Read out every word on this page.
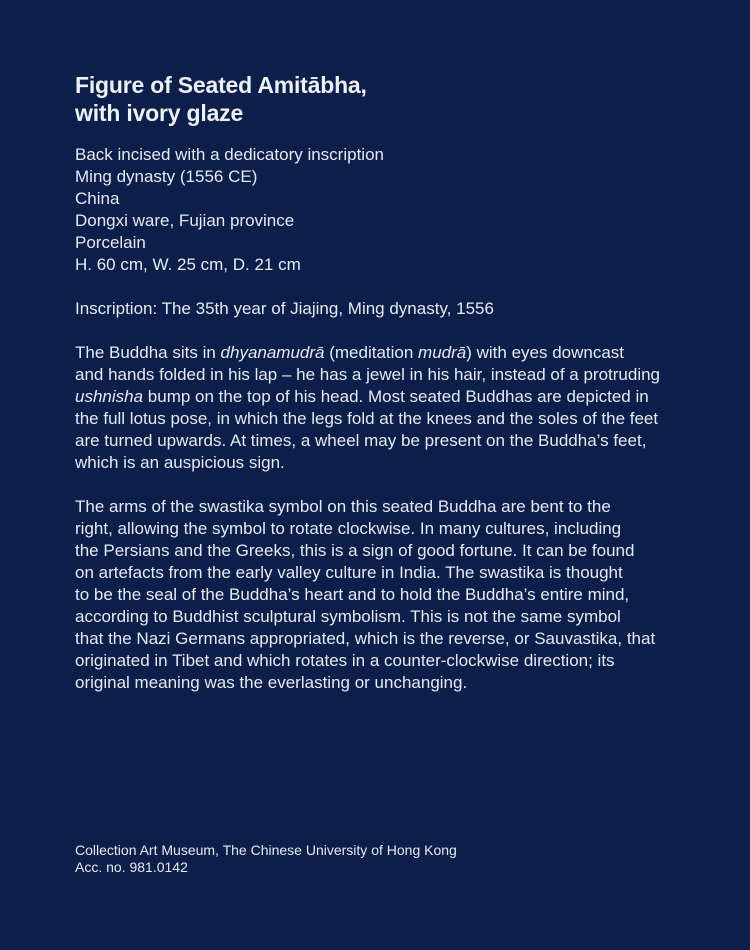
Figure of Seated Amitābha,
with ivory glaze
Back incised with a dedicatory inscription
Ming dynasty (1556 CE)
China
Dongxi ware, Fujian province
Porcelain
H. 60 cm, W. 25 cm, D. 21 cm
Inscription: The 35th year of Jiajing, Ming dynasty, 1556
The Buddha sits in dhyanamudrā (meditation mudrā) with eyes downcast
and hands folded in his lap – he has a jewel in his hair, instead of a protruding
ushnisha bump on the top of his head. Most seated Buddhas are depicted in
the full lotus pose, in which the legs fold at the knees and the soles of the feet
are turned upwards. At times, a wheel may be present on the Buddha’s feet,
which is an auspicious sign.
The arms of the swastika symbol on this seated Buddha are bent to the
right, allowing the symbol to rotate clockwise. In many cultures, including
the Persians and the Greeks, this is a sign of good fortune. It can be found
on artefacts from the early valley culture in India. The swastika is thought
to be the seal of the Buddha’s heart and to hold the Buddha’s entire mind,
according to Buddhist sculptural symbolism. This is not the same symbol
that the Nazi Germans appropriated, which is the reverse, or Sauvastika, that
originated in Tibet and which rotates in a counter-clockwise direction; its
original meaning was the everlasting or unchanging.
Collection Art Museum, The Chinese University of Hong Kong
Acc. no. 981.0142
